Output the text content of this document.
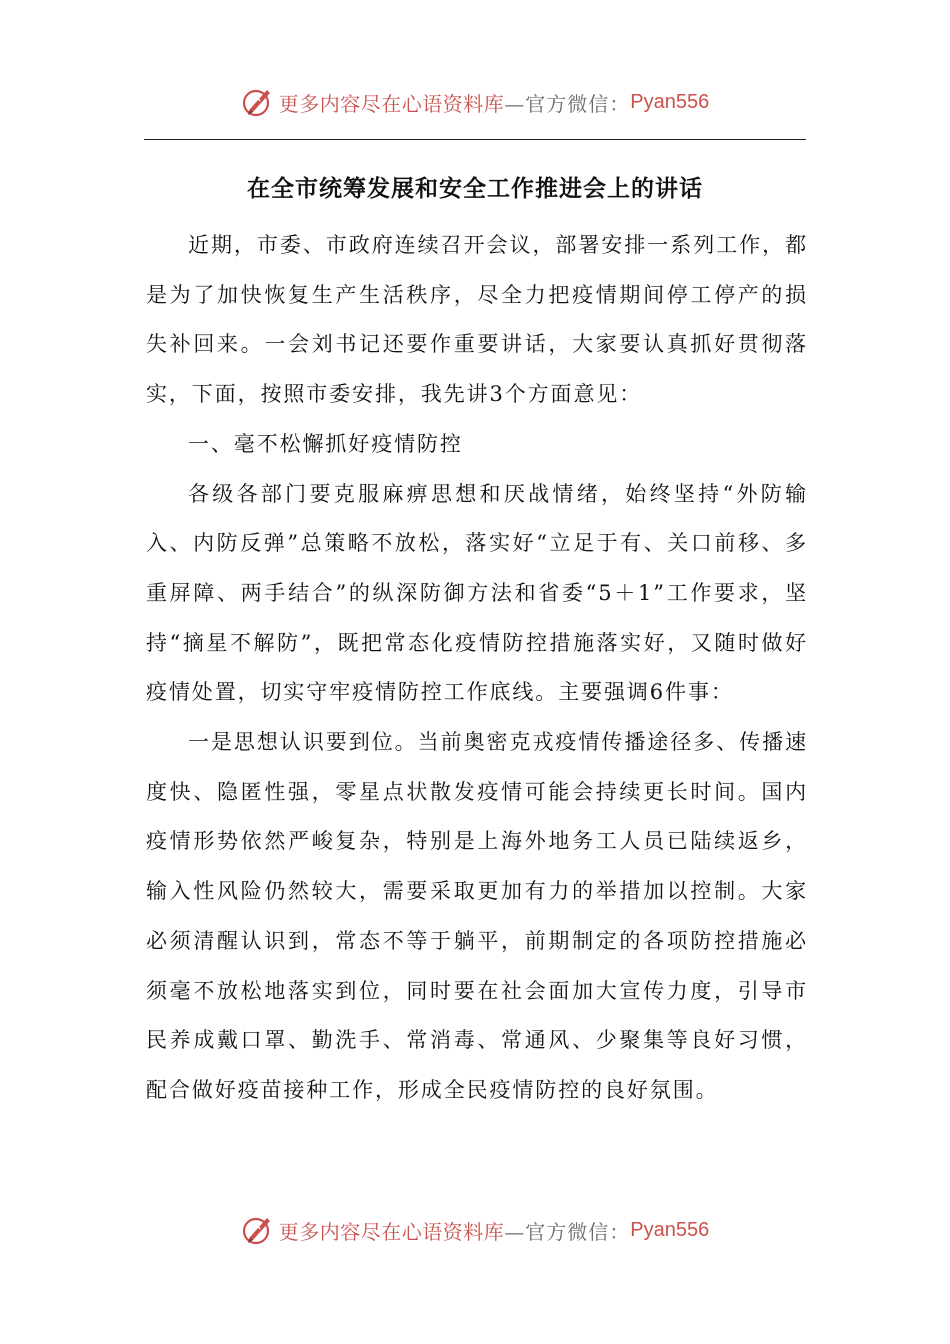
更多内容尽在心语资料库 —官方微信： Pyan556
在全市统筹发展和安全工作推进会上的讲话

近期，市委、市政府连续召开会议，部署安排一系列工作，都是为了加快恢复生产生活秩序，尽全力把疫情期间停工停产的损失补回来。一会刘书记还要作重要讲话，大家要认真抓好贯彻落实，下面，按照市委安排，我先讲3个方面意见：

一、毫不松懈抓好疫情防控

各级各部门要克服麻痹思想和厌战情绪，始终坚持“外防输入、内防反弹”总策略不放松，落实好“立足于有、关口前移、多重屏障、两手结合”的纵深防御方法和省委“5＋1”工作要求，坚持“摘星不解防”，既把常态化疫情防控措施落实好，又随时做好疫情处置，切实守牢疫情防控工作底线。主要强调6件事：

一是思想认识要到位。当前奥密克戎疫情传播途径多、传播速度快、隐匿性强，零星点状散发疫情可能会持续更长时间。国内疫情形势依然严峻复杂，特别是上海外地务工人员已陆续返乡，输入性风险仍然较大，需要采取更加有力的举措加以控制。大家必须清醒认识到，常态不等于躺平，前期制定的各项防控措施必须毫不放松地落实到位，同时要在社会面加大宣传力度，引导市民养成戴口罩、勤洗手、常消毒、常通风、少聚集等良好习惯，配合做好疫苗接种工作，形成全民疫情防控的良好氛围。

更多内容尽在心语资料库 —官方微信： Pyan556
